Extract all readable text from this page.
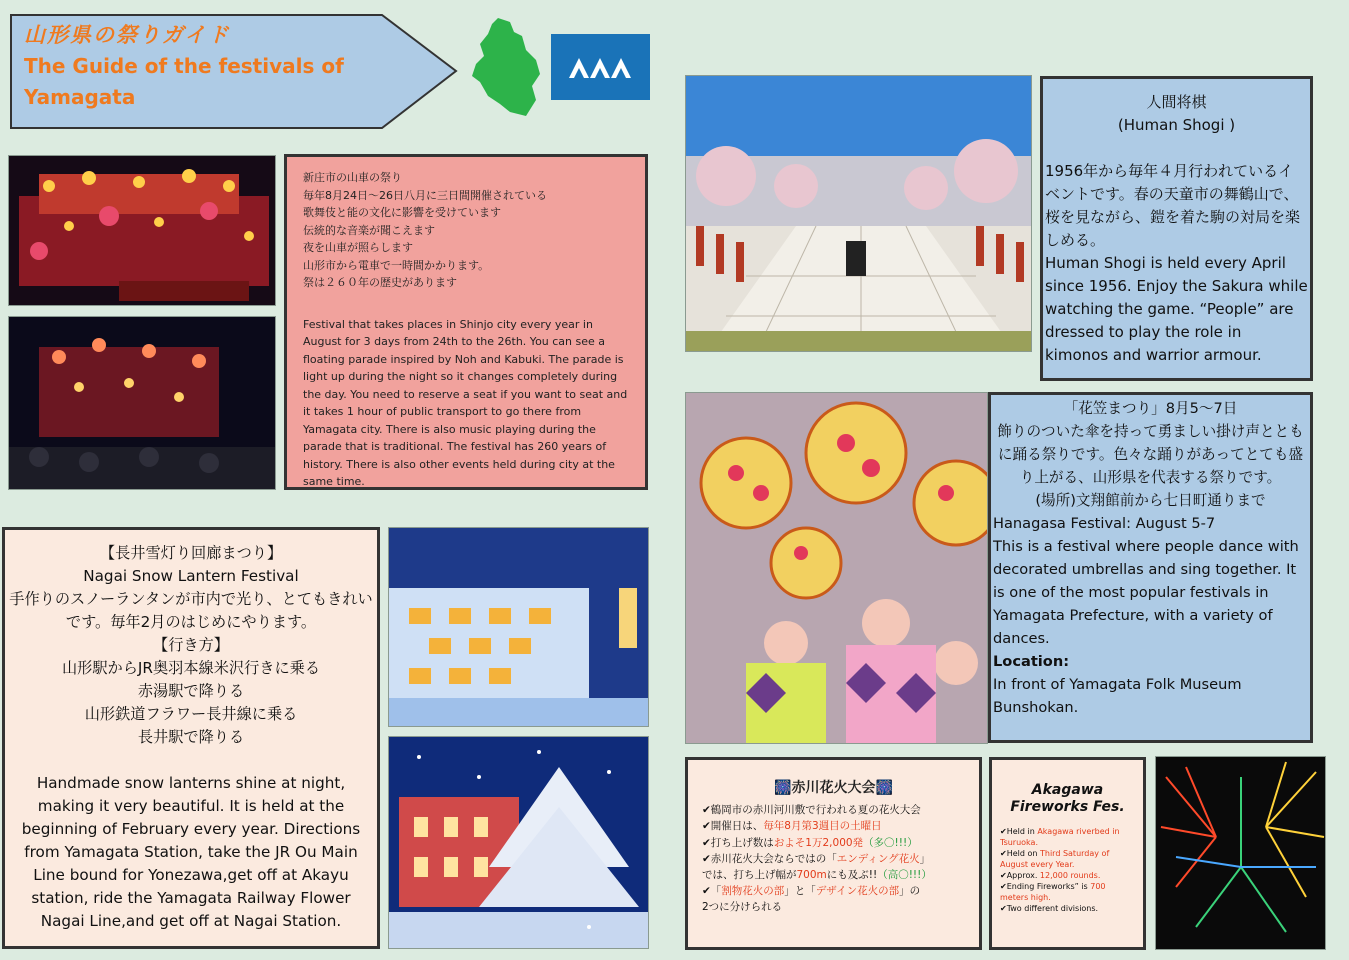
山形県の祭りガイド
The Guide of the festivals of
Yamagata

新庄市の山車の祭り

毎年8月24日〜26日八月に三日間開催されている

歌舞伎と能の文化に影響を受けています

伝統的な音楽が聞こえます

夜を山車が照らします

山形市から電車で一時間かかります。

祭は２６０年の歴史があります

Festival that takes places in Shinjo city every year in August for 3 days from 24th to the 26th. You can see a floating parade inspired by Noh and Kabuki. The parade is light up during the night so it changes completely during the day. You need to reserve a seat if you want to seat and it takes 1 hour of public transport to go there from Yamagata city. There is also music playing during the parade that is traditional. The festival has 260 years of history. There is also other events held during city at the same time.

人間将棋
(Human Shogi )
1956年から毎年４月行われているイベントです。春の天童市の舞鶴山で、桜を見ながら、鎧を着た駒の対局を楽しめる。
Human Shogi is held every April since 1956. Enjoy the Sakura while watching the game. “People” are dressed to play the role in kimonos and warrior armour.
「花笠まつり」8月5〜7日
飾りのついた傘を持って勇ましい掛け声とともに踊る祭りです。色々な踊りがあってとても盛り上がる、山形県を代表する祭りです。
(場所)文翔館前から七日町通りまで
Hanagasa Festival: August 5-7
This is a festival where people dance with decorated umbrellas and sing together. It is one of the most popular festivals in Yamagata Prefecture, with a variety of dances.
Location:
In front of Yamagata Folk Museum Bunshokan.
【長井雪灯り回廊まつり】
Nagai Snow Lantern Festival
手作りのスノーランタンが市内で光り、とてもきれいです。毎年2月のはじめにやります。
【行き方】
山形駅からJR奥羽本線米沢行きに乗る
赤湯駅で降りる
山形鉄道フラワー長井線に乗る
長井駅で降りる
Handmade snow lanterns shine at night, making it very beautiful. It is held at the beginning of February every year. Directions from Yamagata Station, take the JR Ou Main Line bound for Yonezawa,get off at Akayu station, ride the Yamagata Railway Flower Nagai Line,and get off at Nagai Station.
🎆赤川花火大会🎆
✔鶴岡市の赤川河川敷で行われる夏の花火大会
✔開催日は、毎年8月第3週目の土曜日
✔打ち上げ数はおよそ1万2,000発（多〇!!!）
✔赤川花火大会ならではの「エンディング花火」
では、打ち上げ幅が700mにも及ぶ!!（高〇!!!）
✔「割物花火の部」と「デザイン花火の部」の
2つに分けられる
Akagawa
Fireworks Fes.
✔Held in Akagawa riverbed in Tsuruoka.
✔Held on Third Saturday of August every Year.
✔Approx. 12,000 rounds.
✔Ending Fireworks” is 700 meters high.
✔Two different divisions.
